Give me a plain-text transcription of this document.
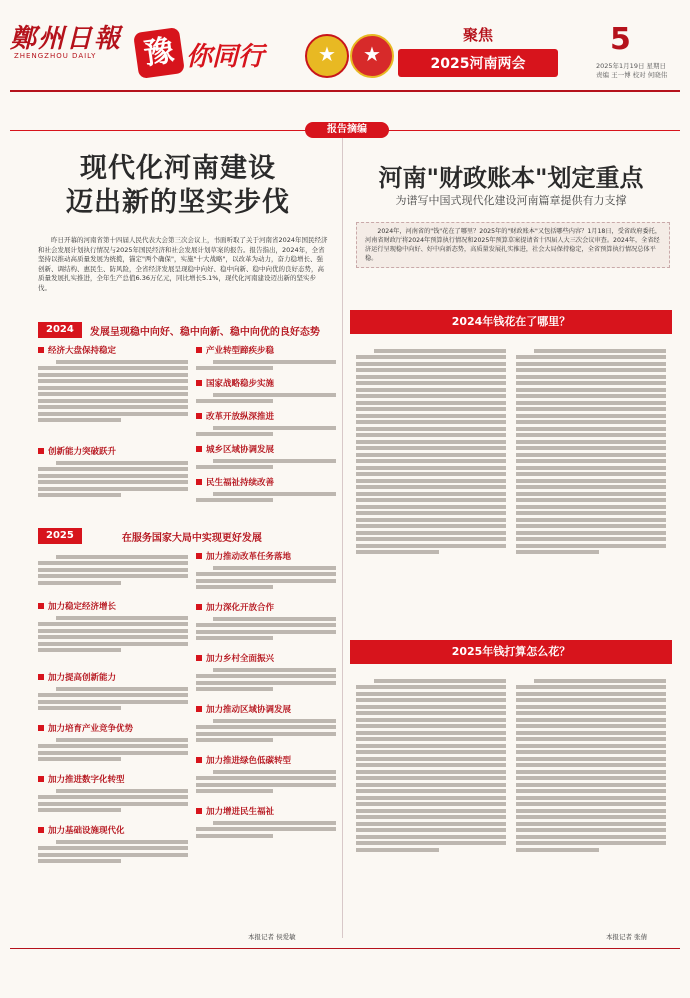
鄭州日報
ZHENGZHOU DAILY 豫 你同行
★
★
聚焦
2025河南两会
5
2025年1月19日 星期日
责编 王一博 校对 何晓伟
报告摘编
现代化河南建设
迈出新的坚实步伐
昨日开幕的河南省第十四届人民代表大会第三次会议上，书面听取了关于河南省2024年国民经济和社会发展计划执行情况与2025年国民经济和社会发展计划草案的报告。报告指出，2024年，全省坚持以推动高质量发展为统揽，锚定"两个确保"，实施"十大战略"，以改革为动力，奋力稳增长、强创新、调结构、惠民生、防风险，全省经济发展呈现稳中向好、稳中向新、稳中向优的良好态势，高质量发展扎实推进，全年生产总值6.36万亿元，同比增长5.1%，现代化河南建设迈出新的坚实步伐。
2024	发展呈现稳中向好、稳中向新、稳中向优的良好态势
经济大盘保持稳定
创新能力突破跃升
产业转型蹄疾步稳
国家战略稳步实施
改革开放纵深推进
城乡区域协调发展
民生福祉持续改善
2025	在服务国家大局中实现更好发展
加力稳定经济增长
加力提高创新能力
加力培育产业竞争优势
加力推进数字化转型
加力基础设施现代化
加力推动改革任务落地
加力深化开放合作
加力乡村全面振兴
加力推动区域协调发展
加力推进绿色低碳转型
加力增进民生福祉
本报记者 侯爱敏
河南"财政账本"划定重点
为谱写中国式现代化建设河南篇章提供有力支撑
2024年，河南省的"钱"花在了哪里？2025年的"财政账本"又包括哪些内容？1月18日，受省政府委托，河南省财政厅将2024年预算执行情况和2025年预算草案提请省十四届人大三次会议审查。2024年，全省经济运行呈现稳中向好、好中向新态势，高质量发展扎实推进，社会大局保持稳定，全省预算执行情况总体平稳。
2024年钱花在了哪里？
2025年钱打算怎么花？
本报记者 张倩
